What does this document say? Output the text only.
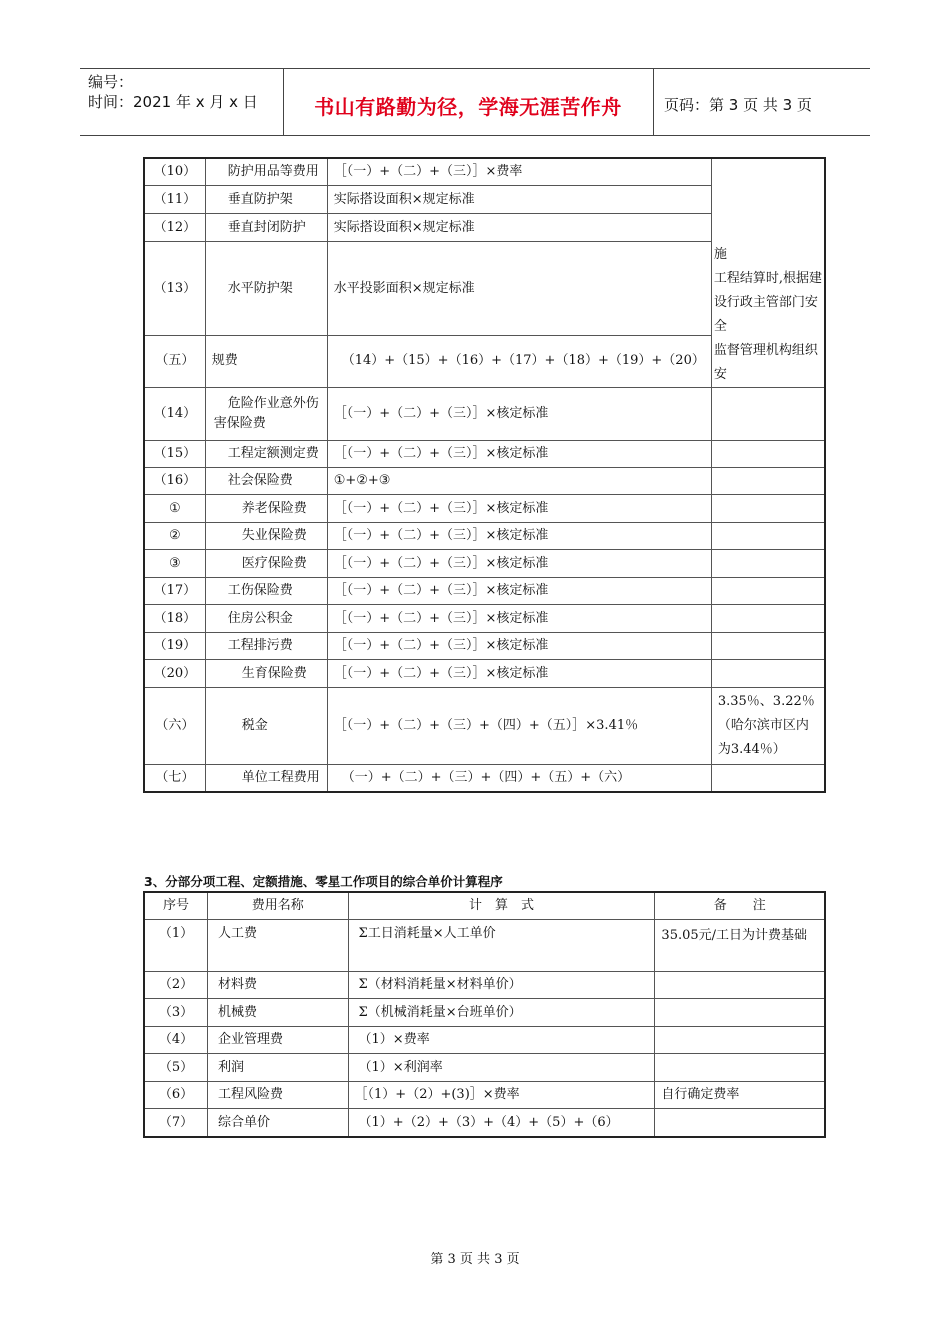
编号：
时间：2021 年 x 月 x 日	书山有路勤为径，学海无涯苦作舟	页码：第 3 页 共 3 页
（10）	防护用品等费用	［（一）+（二）+（三）］×费率	施
工程结算时,根据建
设行政主管部门安全
监督管理机构组织安

（11）	垂直防护架	实际搭设面积×规定标准	
（12）	垂直封闭防护	实际搭设面积×规定标准	
（13）	水平防护架	水平投影面积×规定标准	
（五）	规费	（14）+（15）+（16）+（17）+（18）+（19）+（20）	
（14）	危险作业意外伤害保险费	［（一）+（二）+（三）］×核定标准	
（15）	工程定额测定费	［（一）+（二）+（三）］×核定标准	
（16）	社会保险费	①+②+③	
①	养老保险费	［（一）+（二）+（三）］×核定标准	
②	失业保险费	［（一）+（二）+（三）］×核定标准	
③	医疗保险费	［（一）+（二）+（三）］×核定标准	
（17）	工伤保险费	［（一）+（二）+（三）］×核定标准	
（18）	住房公积金	［（一）+（二）+（三）］×核定标准	
（19）	工程排污费	［（一）+（二）+（三）］×核定标准	
（20）	生育保险费	［（一）+（二）+（三）］×核定标准	
（六）	税金	［（一）+（二）+（三）+（四）+（五）］×3.41％	3.35％、3.22％（哈尔滨市区内为3.44％）
（七）	单位工程费用	（一）+（二）+（三）+（四）+（五）+（六）	
3、分部分项工程、定额措施、零星工作项目的综合单价计算程序
序号	费用名称	计　算　式	备　　注
（1）	人工费	Σ工日消耗量×人工单价	35.05元/工日为计费基础
（2）	材料费	Σ（材料消耗量×材料单价）	
（3）	机械费	Σ（机械消耗量×台班单价）	
（4）	企业管理费	（1）×费率	
（5）	利润	（1）×利润率	
（6）	工程风险费	［（1）+（2）+(3)］×费率	自行确定费率
（7）	综合单价	（1）+（2）+（3）+（4）+（5）+（6）	
第 3 页 共 3 页
